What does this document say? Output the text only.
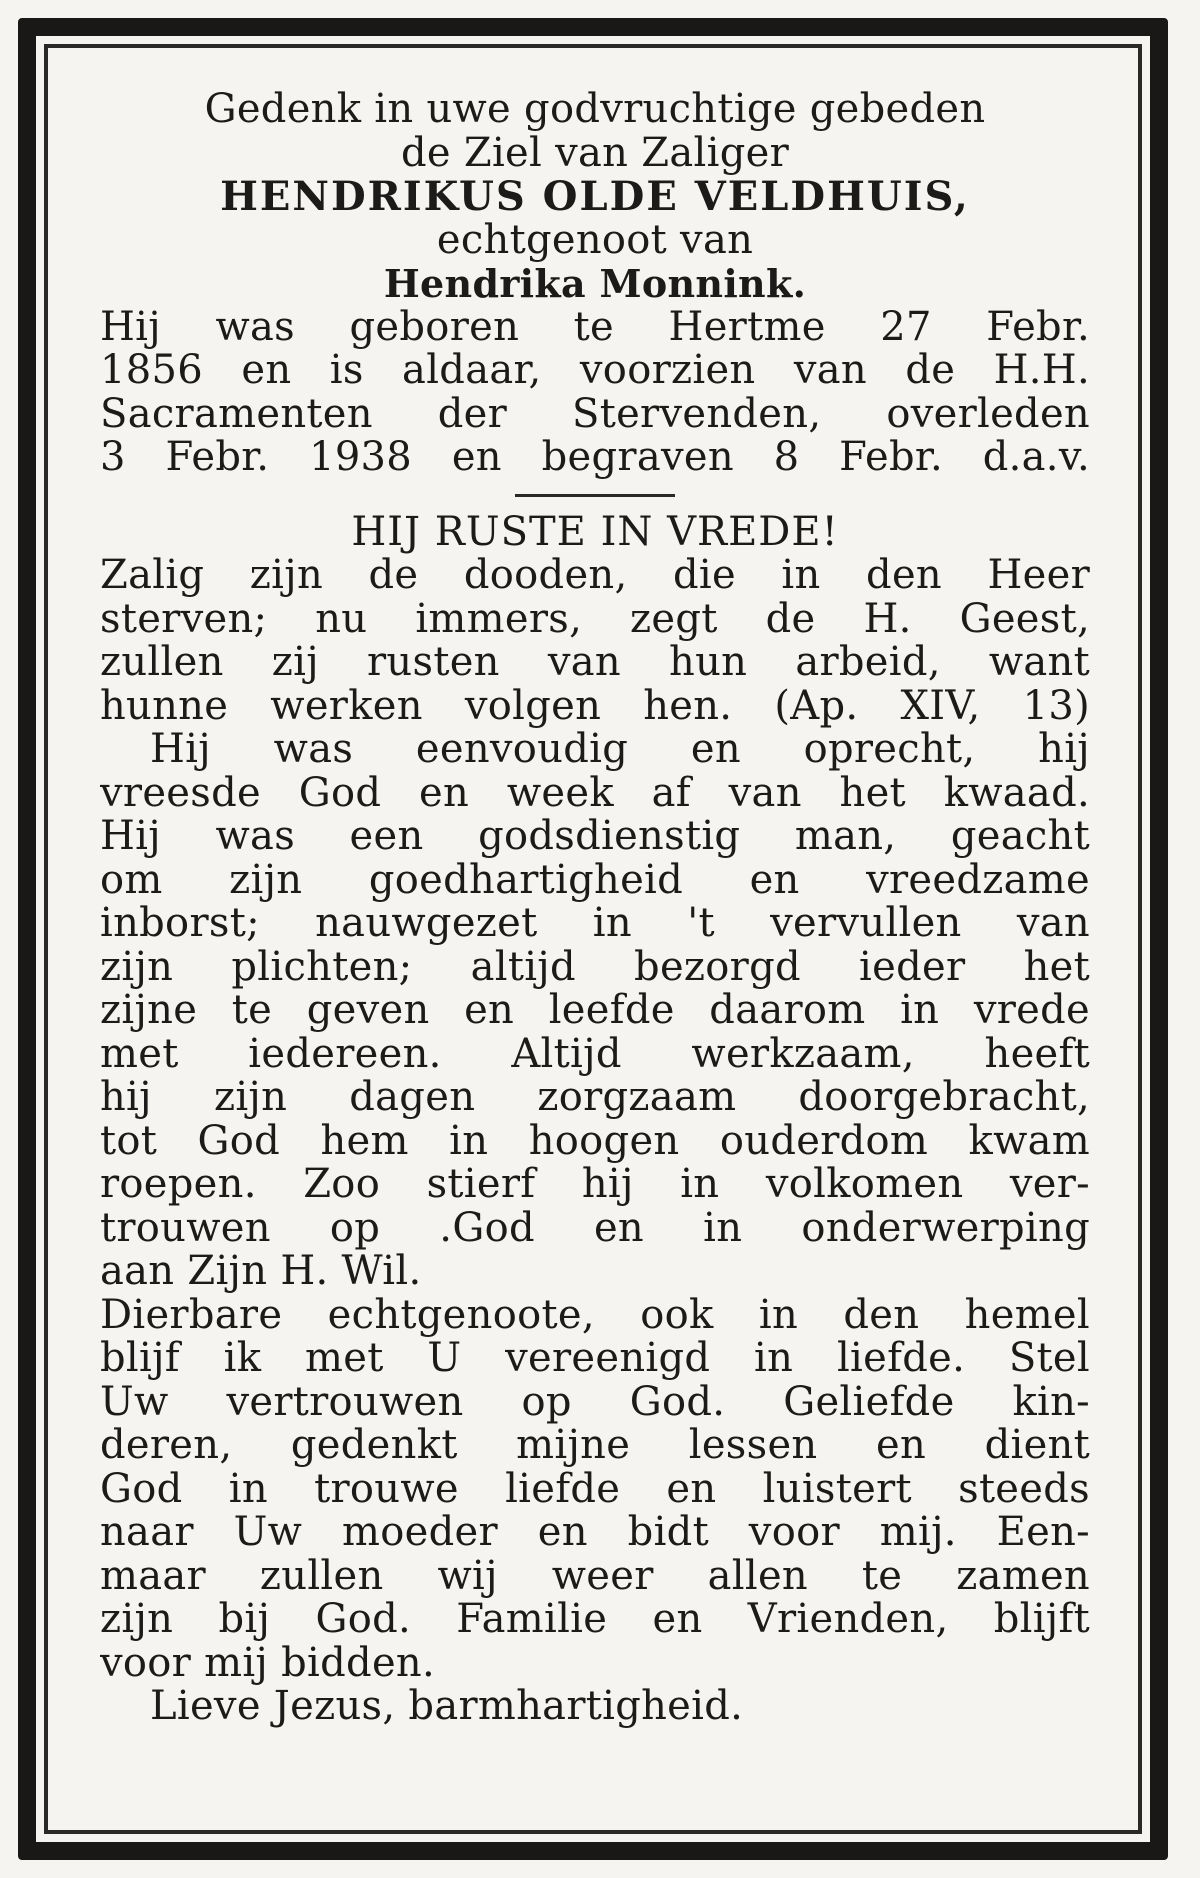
Gedenk in uwe godvruchtige gebeden
de Ziel van Zaliger
HENDRIKUS OLDE VELDHUIS,
echtgenoot van
Hendrika Monnink.
Hij was geboren te Hertme 27 Febr.
1856 en is aldaar, voorzien van de H.H.
Sacramenten der Stervenden, overleden
3 Febr. 1938 en begraven 8 Febr. d.a.v.
HIJ RUSTE IN VREDE!
Zalig zijn de dooden, die in den Heer
sterven; nu immers, zegt de H. Geest,
zullen zij rusten van hun arbeid, want
hunne werken volgen hen. (Ap. XIV, 13)
Hij was eenvoudig en oprecht, hij
vreesde God en week af van het kwaad.
Hij was een godsdienstig man, geacht
om zijn goedhartigheid en vreedzame
inborst; nauwgezet in 't vervullen van
zijn plichten; altijd bezorgd ieder het
zijne te geven en leefde daarom in vrede
met iedereen. Altijd werkzaam, heeft
hij zijn dagen zorgzaam doorgebracht,
tot God hem in hoogen ouderdom kwam
roepen. Zoo stierf hij in volkomen ver-
trouwen op .God en in onderwerping
aan Zijn H. Wil.
Dierbare echtgenoote, ook in den hemel
blijf ik met U vereenigd in liefde. Stel
Uw vertrouwen op God. Geliefde kin-
deren, gedenkt mijne lessen en dient
God in trouwe liefde en luistert steeds
naar Uw moeder en bidt voor mij. Een-
maar zullen wij weer allen te zamen
zijn bij God. Familie en Vrienden, blijft
voor mij bidden.
Lieve Jezus, barmhartigheid.
